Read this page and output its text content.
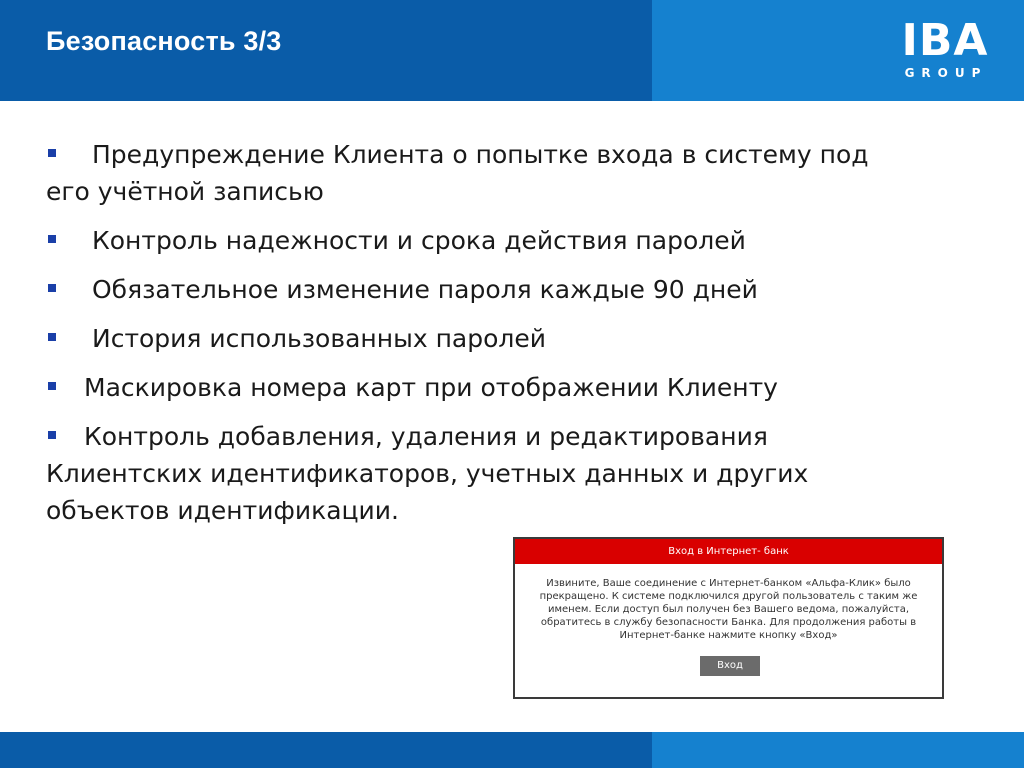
Безопасность 3/3	IBA
GROUP
Предупреждение Клиента о попытке входа в систему под
его учётной записью
Контроль надежности и срока действия паролей
Обязательное изменение пароля каждые 90 дней
История использованных паролей
Маскировка номера карт при отображении Клиенту
Контроль добавления, удаления и редактирования
Клиентских идентификаторов, учетных данных и других
объектов идентификации.
Вход в Интернет- банк
Извините, Ваше соединение с Интернет-банком «Альфа-Клик» было
прекращено. К системе подключился другой пользователь с таким же
именем. Если доступ был получен без Вашего ведома, пожалуйста,
обратитесь в службу безопасности Банка. Для продолжения работы в
Интернет-банке нажмите кнопку «Вход»
Вход
